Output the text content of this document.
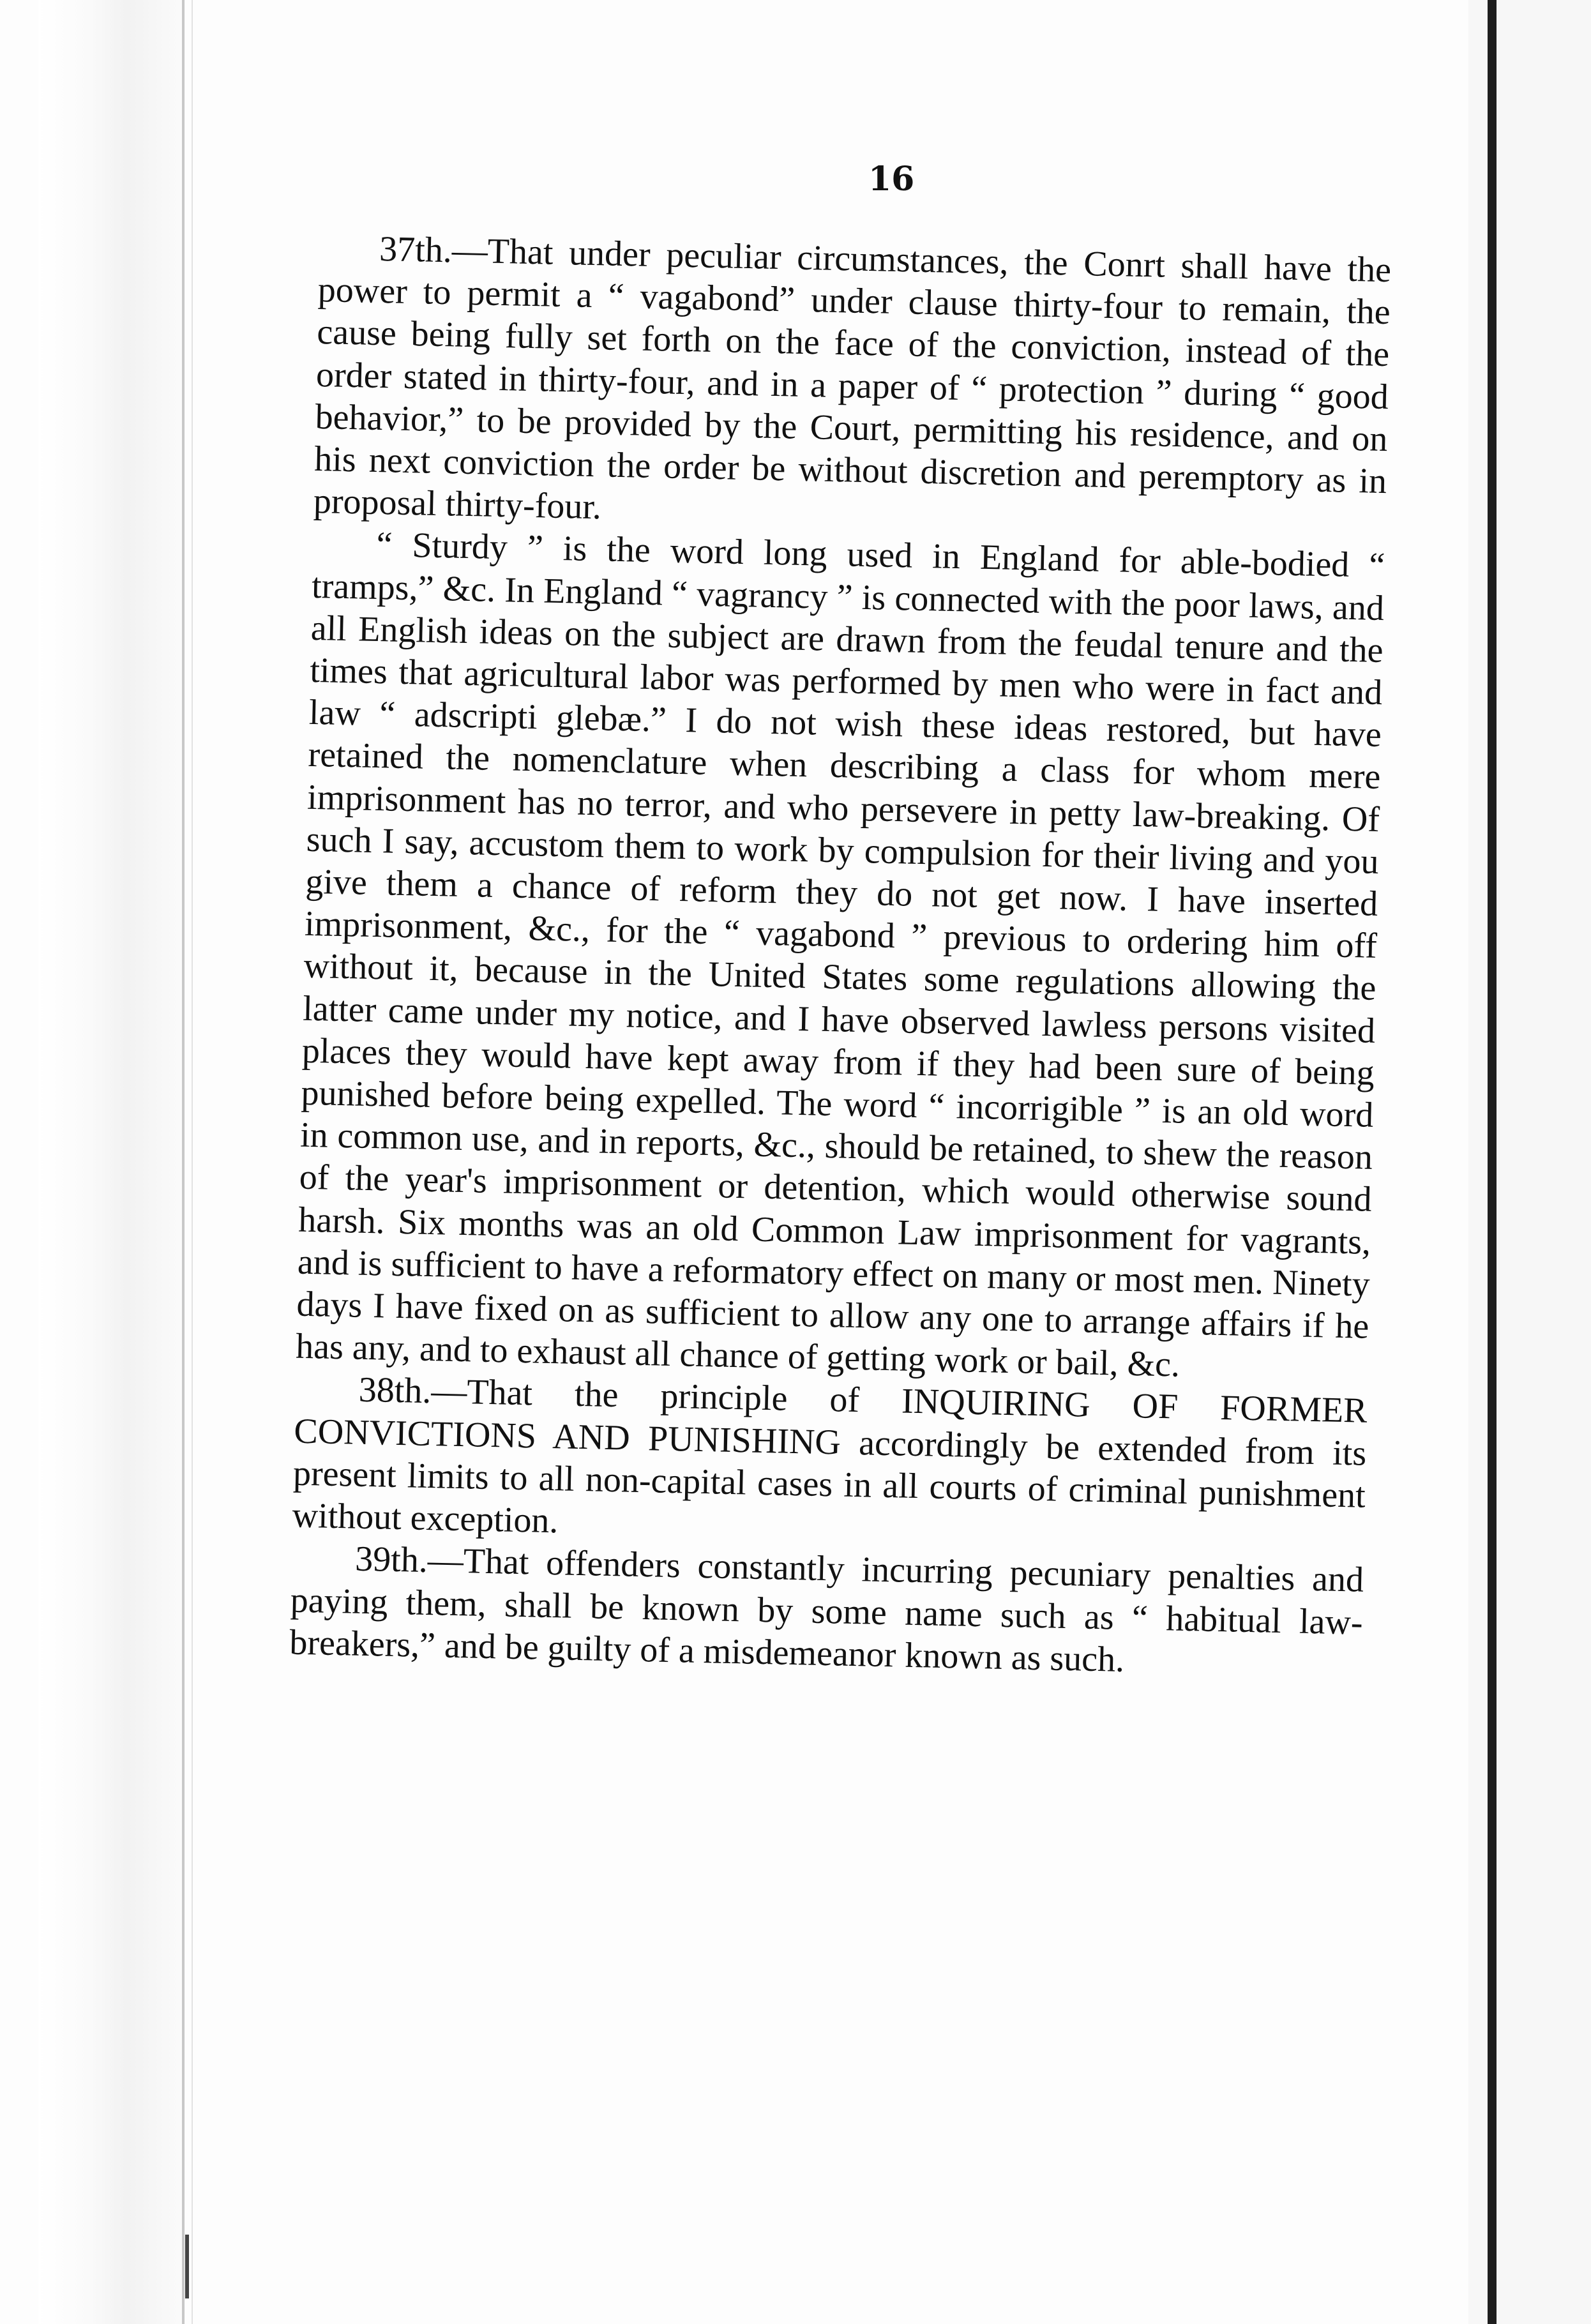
16

37th.—That under peculiar circumstances, the Conrt shall have the power to permit a “ vagabond” under clause thirty-four to remain, the cause being fully set forth on the face of the conviction, instead of the order stated in thirty-four, and in a paper of “ protection ” during “ good behavior,” to be provided by the Court, permitting his residence, and on his next conviction the order be without discretion and peremptory as in proposal thirty-four.

“ Sturdy ” is the word long used in England for able-bodied “ tramps,” &c. In England “ vagrancy ” is connected with the poor laws, and all English ideas on the subject are drawn from the feudal tenure and the times that agricultural labor was performed by men who were in fact and law “ adscripti glebæ.” I do not wish these ideas restored, but have retained the nomenclature when describing a class for whom mere imprisonment has no terror, and who persevere in petty law-breaking. Of such I say, accustom them to work by compulsion for their living and you give them a chance of reform they do not get now. I have inserted imprisonment, &c., for the “ vagabond ” previous to ordering him off without it, because in the United States some regulations allowing the latter came under my notice, and I have observed lawless persons visited places they would have kept away from if they had been sure of being punished before being expelled. The word “ incorrigible ” is an old word in common use, and in reports, &c., should be retained, to shew the reason of the year's imprisonment or detention, which would otherwise sound harsh. Six months was an old Common Law imprisonment for vagrants, and is sufficient to have a reformatory effect on many or most men. Ninety days I have fixed on as sufficient to allow any one to arrange affairs if he has any, and to exhaust all chance of getting work or bail, &c.

38th.—That the principle of INQUIRING OF FORMER CONVICTIONS AND PUNISHING accordingly be extended from its present limits to all non-capital cases in all courts of criminal punishment without exception.

39th.—That offenders constantly incurring pecuniary penalties and paying them, shall be known by some name such as “ habitual law-breakers,” and be guilty of a misdemeanor known as such.
